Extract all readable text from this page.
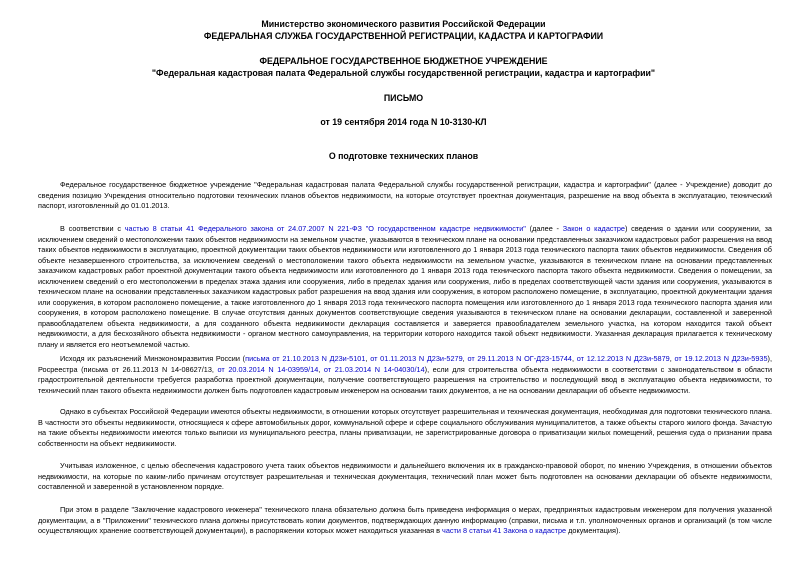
Министерство экономического развития Российской Федерации
ФЕДЕРАЛЬНАЯ СЛУЖБА ГОСУДАРСТВЕННОЙ РЕГИСТРАЦИИ, КАДАСТРА И КАРТОГРАФИИ
ФЕДЕРАЛЬНОЕ ГОСУДАРСТВЕННОЕ БЮДЖЕТНОЕ УЧРЕЖДЕНИЕ
"Федеральная кадастровая палата Федеральной службы государственной регистрации, кадастра и картографии"
ПИСЬМО
от 19 сентября 2014 года N 10-3130-КЛ
О подготовке технических планов

Федеральное государственное бюджетное учреждение "Федеральная кадастровая палата Федеральной службы государственной регистрации, кадастра и картографии" (далее - Учреждение) доводит до сведения позицию Учреждения относительно подготовки технических планов объектов недвижимости, на которые отсутствует проектная документация, разрешение на ввод объекта в эксплуатацию, технический паспорт, изготовленный до 01.01.2013.

В соответствии с частью 8 статьи 41 Федерального закона от 24.07.2007 N 221-ФЗ "О государственном кадастре недвижимости" (далее - Закон о кадастре) сведения о здании или сооружении, за исключением сведений о местоположении таких объектов недвижимости на земельном участке, указываются в техническом плане на основании представленных заказчиком кадастровых работ разрешения на ввод таких объектов недвижимости в эксплуатацию, проектной документации таких объектов недвижимости или изготовленного до 1 января 2013 года технического паспорта таких объектов недвижимости. Сведения об объекте незавершенного строительства, за исключением сведений о местоположении такого объекта недвижимости на земельном участке, указываются в техническом плане на основании представленных заказчиком кадастровых работ проектной документации такого объекта недвижимости или изготовленного до 1 января 2013 года технического паспорта такого объекта недвижимости. Сведения о помещении, за исключением сведений о его местоположении в пределах этажа здания или сооружения, либо в пределах здания или сооружения, либо в пределах соответствующей части здания или сооружения, указываются в техническом плане на основании представленных заказчиком кадастровых работ разрешения на ввод здания или сооружения, в котором расположено помещение, в эксплуатацию, проектной документации здания или сооружения, в котором расположено помещение, а также изготовленного до 1 января 2013 года технического паспорта помещения или изготовленного до 1 января 2013 года технического паспорта здания или сооружения, в котором расположено помещение. В случае отсутствия данных документов соответствующие сведения указываются в техническом плане на основании декларации, составленной и заверенной правообладателем объекта недвижимости, а для созданного объекта недвижимости декларация составляется и заверяется правообладателем земельного участка, на котором находится такой объект недвижимости, а для бесхозяйного объекта недвижимости - органом местного самоуправления, на территории которого находится такой объект недвижимости. Указанная декларация прилагается к техническому плану и является его неотъемлемой частью.

Исходя их разъяснений Минэкономразвития России (письма от 21.10.2013 N Д23и-5101, от 01.11.2013 N Д23и-5279, от 29.11.2013 N ОГ-Д23-15744, от 12.12.2013 N Д23и-5879, от 19.12.2013 N Д23и-5935), Росреестра (письма от 26.11.2013 N 14-08627/13, от 20.03.2014 N 14-03959/14, от 21.03.2014 N 14-04030/14), если для строительства объекта недвижимости в соответствии с законодательством в области градостроительной деятельности требуется разработка проектной документации, получение соответствующего разрешения на строительство и последующий ввод в эксплуатацию объекта недвижимости, то технический план такого объекта недвижимости должен быть подготовлен кадастровым инженером на основании таких документов, а не на основании декларации об объекте недвижимости.

Однако в субъектах Российской Федерации имеются объекты недвижимости, в отношении которых отсутствует разрешительная и техническая документация, необходимая для подготовки технического плана. В частности это объекты недвижимости, относящиеся к сфере автомобильных дорог, коммунальной сфере и сфере социального обслуживания муниципалитетов, а также объекты старого жилого фонда. Зачастую на такие объекты недвижимости имеются только выписки из муниципального реестра, планы приватизации, не зарегистрированные договора о приватизации жилых помещений, решения суда о признании права собственности на объект недвижимости.

Учитывая изложенное, с целью обеспечения кадастрового учета таких объектов недвижимости и дальнейшего включения их в гражданско-правовой оборот, по мнению Учреждения, в отношении объектов недвижимости, на которые по каким-либо причинам отсутствует разрешительная и техническая документация, технический план может быть подготовлен на основании декларации об объекте недвижимости, составленной и заверенной в установленном порядке.

При этом в разделе "Заключение кадастрового инженера" технического плана обязательно должна быть приведена информация о мерах, предпринятых кадастровым инженером для получения указанной документации, а в "Приложении" технического плана должны присутствовать копии документов, подтверждающих данную информацию (справки, письма и т.п. уполномоченных органов и организаций (в том числе осуществляющих хранение соответствующей документации), в распоряжении которых может находиться указанная в части 8 статьи 41 Закона о кадастре документация).
